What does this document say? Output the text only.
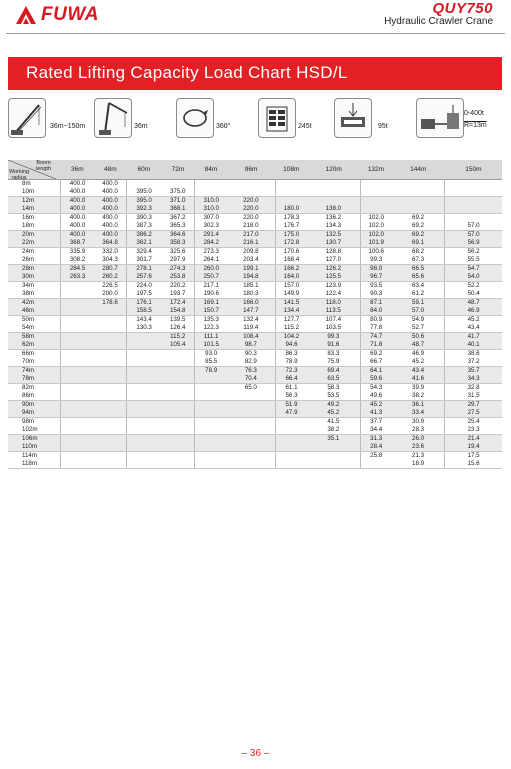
FUWA	QUY750
Hydraulic Crawler Crane
Rated Lifting Capacity Load Chart HSD/L
36m~150m	36m	360°	245t	95t
0-400t
R=13m
Boom
length
Working
radius	36m	48m	60m	72m	84m	96m	108m	120m	132m	144m	150m
8m	400.0	400.0									
10m	400.0	400.0	395.0	375.0							
12m	400.0	400.0	395.0	371.0	310.0	220.0					
14m	400.0	400.0	392.3	368.1	310.0	220.0	180.0	138.0			
16m	400.0	400.0	390.3	367.2	307.0	220.0	178.3	136.2	102.0	69.2	
18m	400.0	400.0	387.3	365.3	302.3	218.0	176.7	134.3	102.0	69.2	57.0
20m	400.0	400.0	386.2	364.6	291.4	217.0	175.0	132.5	102.0	69.2	57.0
22m	368.7	364.8	362.1	358.3	284.2	216.1	172.8	130.7	101.9	69.1	56.9
24m	335.9	332.0	329.4	325.6	273.3	209.8	170.6	128.8	100.6	68.2	56.2
26m	308.2	304.3	301.7	297.9	264.1	203.4	168.4	127.0	99.3	67.3	55.5
28m	284.5	280.7	278.1	274.3	260.0	199.1	166.2	126.2	98.0	66.5	54.7
30m	263.3	260.2	257.6	253.8	250.7	194.8	164.0	125.5	96.7	65.6	54.0
34m		226.5	224.0	220.2	217.1	185.1	157.0	123.9	93.5	63.4	52.2
38m		200.0	197.5	193.7	190.6	180.3	149.9	122.4	90.3	61.2	50.4
42m		178.6	176.1	172.4	169.1	166.0	141.5	118.0	87.1	59.1	48.7
46m			158.5	154.8	150.7	147.7	134.4	113.5	84.0	57.0	46.9
50m			143.4	139.5	135.3	132.4	127.7	107.4	80.9	54.9	45.2
54m			130.3	126.4	122.3	119.4	115.2	103.5	77.8	52.7	43.4
58m				115.2	111.1	108.4	104.2	99.3	74.7	50.6	41.7
62m				105.4	101.5	98.7	94.6	91.6	71.8	48.7	40.1
66m					93.0	90.3	86.3	83.3	69.2	46.9	38.6
70m					85.5	82.9	78.9	75.9	66.7	45.2	37.2
74m					78.9	76.3	72.3	69.4	64.1	43.4	35.7
78m						70.4	66.4	63.5	59.6	41.6	34.3
82m						65.0	61.1	58.3	54.3	39.9	32.8
86m							56.3	53.5	49.6	38.2	31.5
90m							51.9	49.2	45.2	36.1	29.7
94m							47.9	45.2	41.3	33.4	27.5
98m								41.5	37.7	30.9	25.4
102m								38.2	34.4	28.3	23.3
106m								35.1	31.3	26.0	21.4
110m									28.4	23.6	19.4
114m									25.8	21.3	17.5
118m										18.9	15.6
– 36 –
